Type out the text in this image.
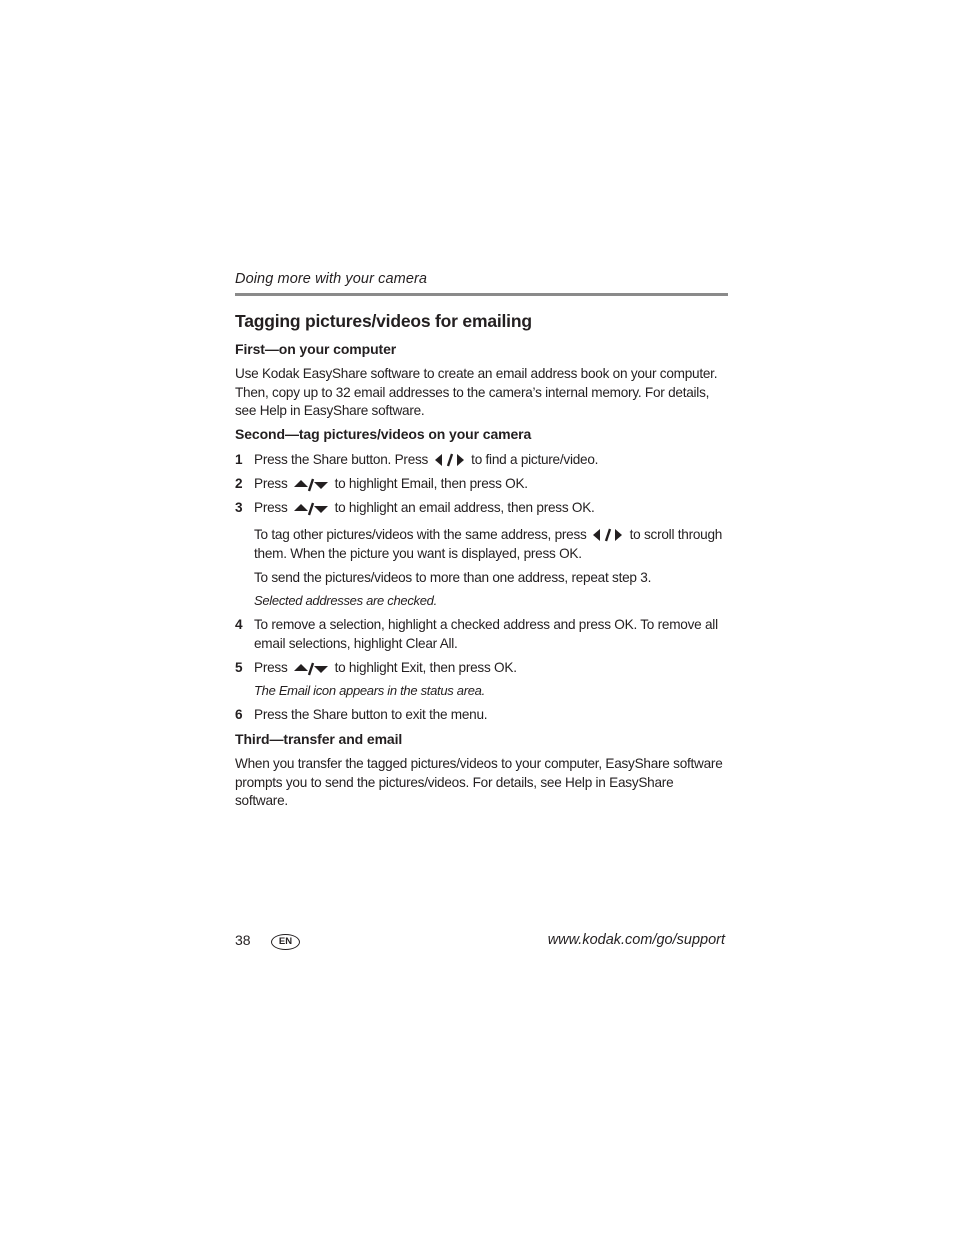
Doing more with your camera
Tagging pictures/videos for emailing
First—on your computer
Use Kodak EasyShare software to create an email address book on your computer. Then, copy up to 32 email addresses to the camera’s internal memory. For details, see Help in EasyShare software.
Second—tag pictures/videos on your camera
1 Press the Share button. Press	to find a picture/video.
2 Press	to highlight Email, then press OK.
3 Press	to highlight an email address, then press OK.
To tag other pictures/videos with the same address, press	to scroll through them. When the picture you want is displayed, press OK.
To send the pictures/videos to more than one address, repeat step 3.
Selected addresses are checked.
4 To remove a selection, highlight a checked address and press OK. To remove all email selections, highlight Clear All.
5 Press	to highlight Exit, then press OK.
The Email icon appears in the status area.
6 Press the Share button to exit the menu.
Third—transfer and email
When you transfer the tagged pictures/videos to your computer, EasyShare software prompts you to send the pictures/videos. For details, see Help in EasyShare software.
38	EN	www.kodak.com/go/support
